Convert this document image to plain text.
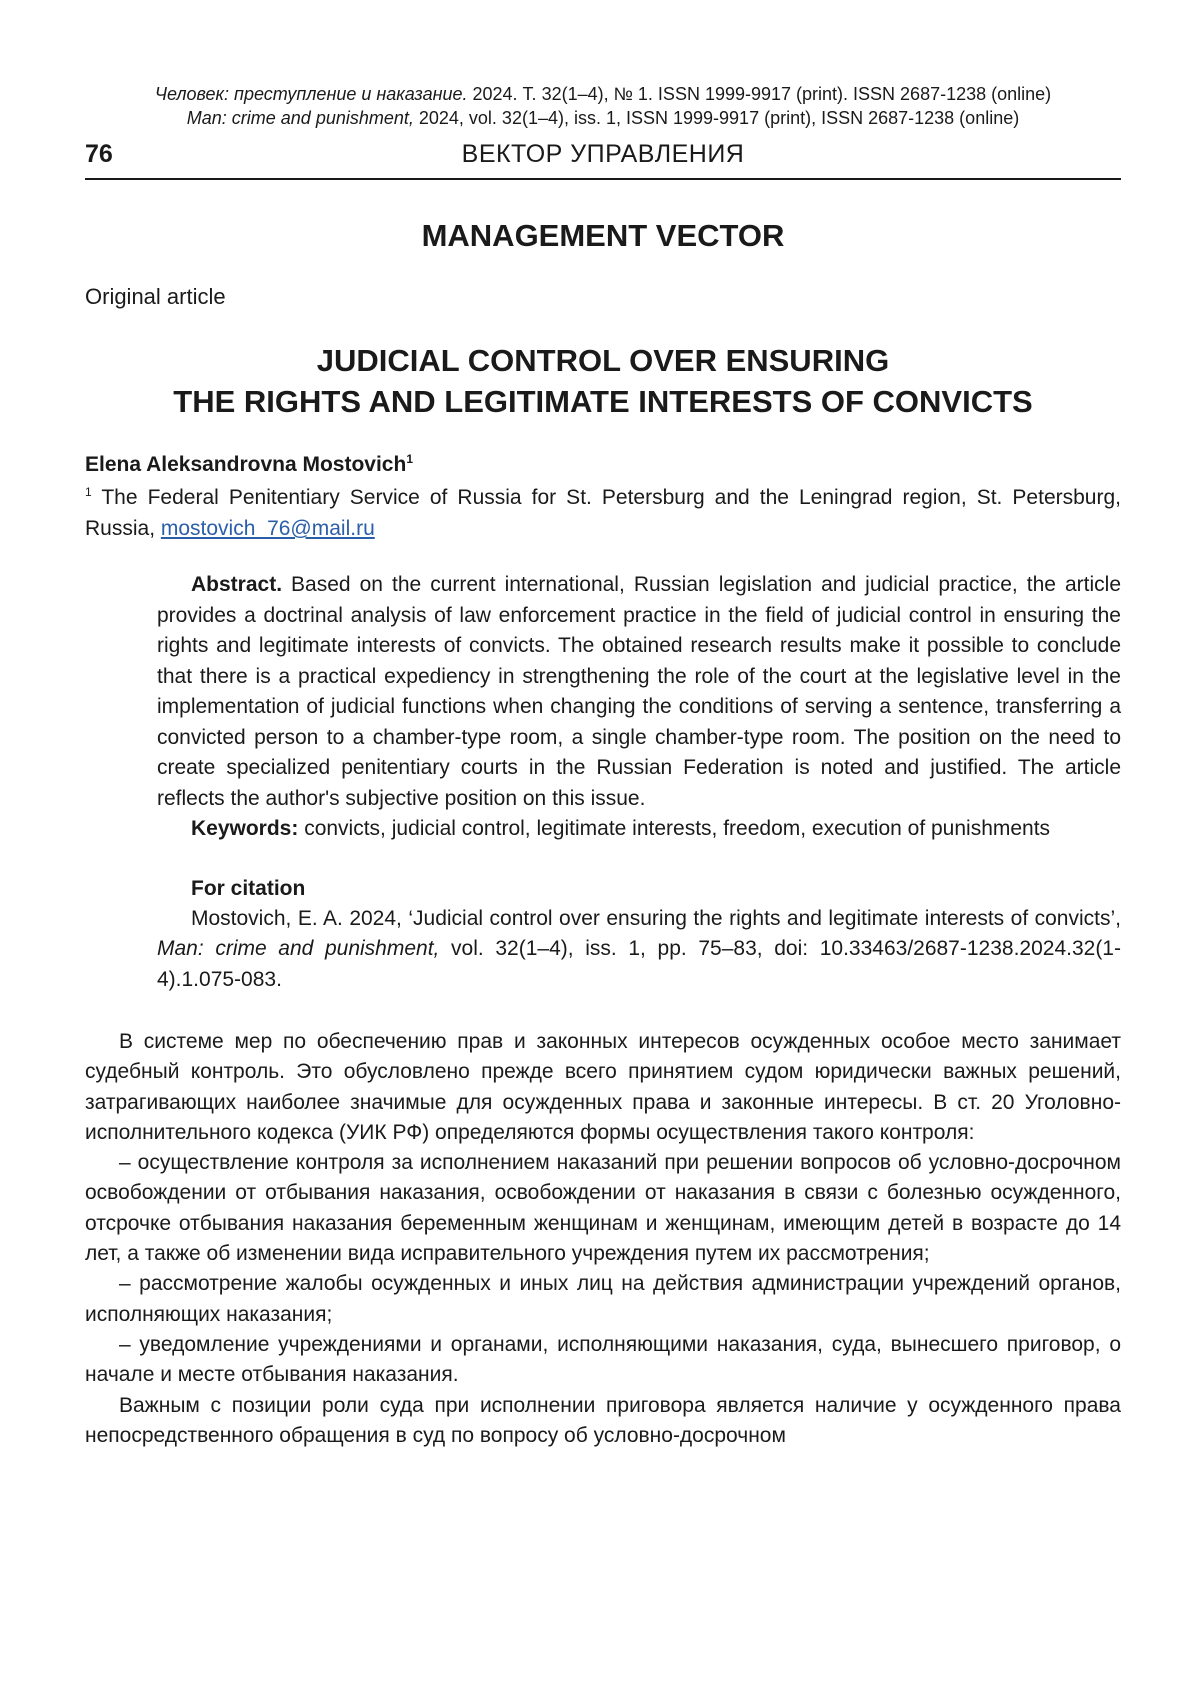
Человек: преступление и наказание. 2024. Т. 32(1–4), № 1. ISSN 1999-9917 (print). ISSN 2687-1238 (online)
Man: crime and punishment, 2024, vol. 32(1–4), iss. 1, ISSN 1999-9917 (print), ISSN 2687-1238 (online)
76	ВЕКТОР УПРАВЛЕНИЯ
MANAGEMENT VECTOR
Original article
JUDICIAL CONTROL OVER ENSURING
THE RIGHTS AND LEGITIMATE INTERESTS OF CONVICTS
Elena Aleksandrovna Mostovich$^1$
$^1$ The Federal Penitentiary Service of Russia for St. Petersburg and the Leningrad region, St. Petersburg, Russia, mostovich_76@mail.ru

Abstract. Based on the current international, Russian legislation and judicial practice, the article provides a doctrinal analysis of law enforcement practice in the field of judicial control in ensuring the rights and legitimate interests of convicts. The obtained research results make it possible to conclude that there is a practical expediency in strengthening the role of the court at the legislative level in the implementation of judicial functions when changing the conditions of serving a sentence, transferring a convicted person to a chamber-type room, a single chamber-type room. The position on the need to create specialized penitentiary courts in the Russian Federation is noted and justified. The article reflects the author's subjective position on this issue.

Keywords: convicts, judicial control, legitimate interests, freedom, execution of punishments

For citation
Mostovich, E. A. 2024, ‘Judicial control over ensuring the rights and legitimate interests of convicts’, Man: crime and punishment, vol. 32(1–4), iss. 1, pp. 75–83, doi: 10.33463/2687-1238.2024.32(1-4).1.075-083.

В системе мер по обеспечению прав и законных интересов осужденных особое место занимает судебный контроль. Это обусловлено прежде всего принятием судом юридически важных решений, затрагивающих наиболее значимые для осужденных права и законные интересы. В ст. 20 Уголовно-исполнительного кодекса (УИК РФ) определяются формы осуществления такого контроля:

– осуществление контроля за исполнением наказаний при решении вопросов об условно-досрочном освобождении от отбывания наказания, освобождении от наказания в связи с болезнью осужденного, отсрочке отбывания наказания беременным женщинам и женщинам, имеющим детей в возрасте до 14 лет, а также об изменении вида исправительного учреждения путем их рассмотрения;

– рассмотрение жалобы осужденных и иных лиц на действия администрации учреждений органов, исполняющих наказания;

– уведомление учреждениями и органами, исполняющими наказания, суда, вынесшего приговор, о начале и месте отбывания наказания.

Важным с позиции роли суда при исполнении приговора является наличие у осужденного права непосредственного обращения в суд по вопросу об условно-досрочном
